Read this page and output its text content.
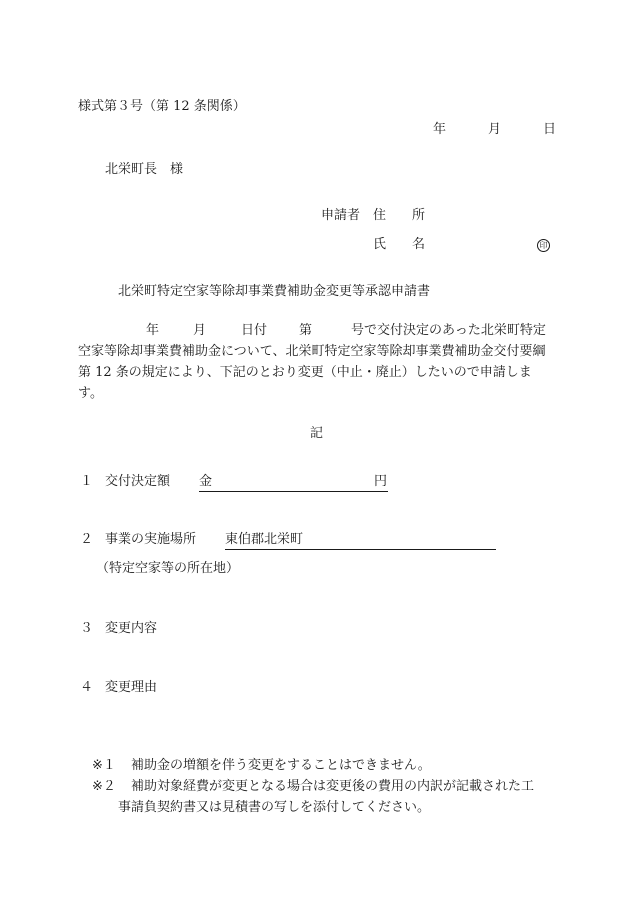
様式第３号（第 12 条関係）
年	月	日
北栄町長　様
申請者 住　　所
氏　　名	印
北栄町特定空家等除却事業費補助金変更等承認申請書
年	月	日付 第	号で交付決定のあった北栄町特定
空家等除却事業費補助金について、北栄町特定空家等除却事業費補助金交付要綱第 12 条の規定により、下記のとおり変更（中止・廃止）したいので申請します。
記
１ 交付決定額 金	円
２ 事業の実施場所 東伯郡北栄町
（特定空家等の所在地）
３ 変更内容
４ 変更理由
※１ 補助金の増額を伴う変更をすることはできません。
※２ 補助対象経費が変更となる場合は変更後の費用の内訳が記載された工
事請負契約書又は見積書の写しを添付してください。
